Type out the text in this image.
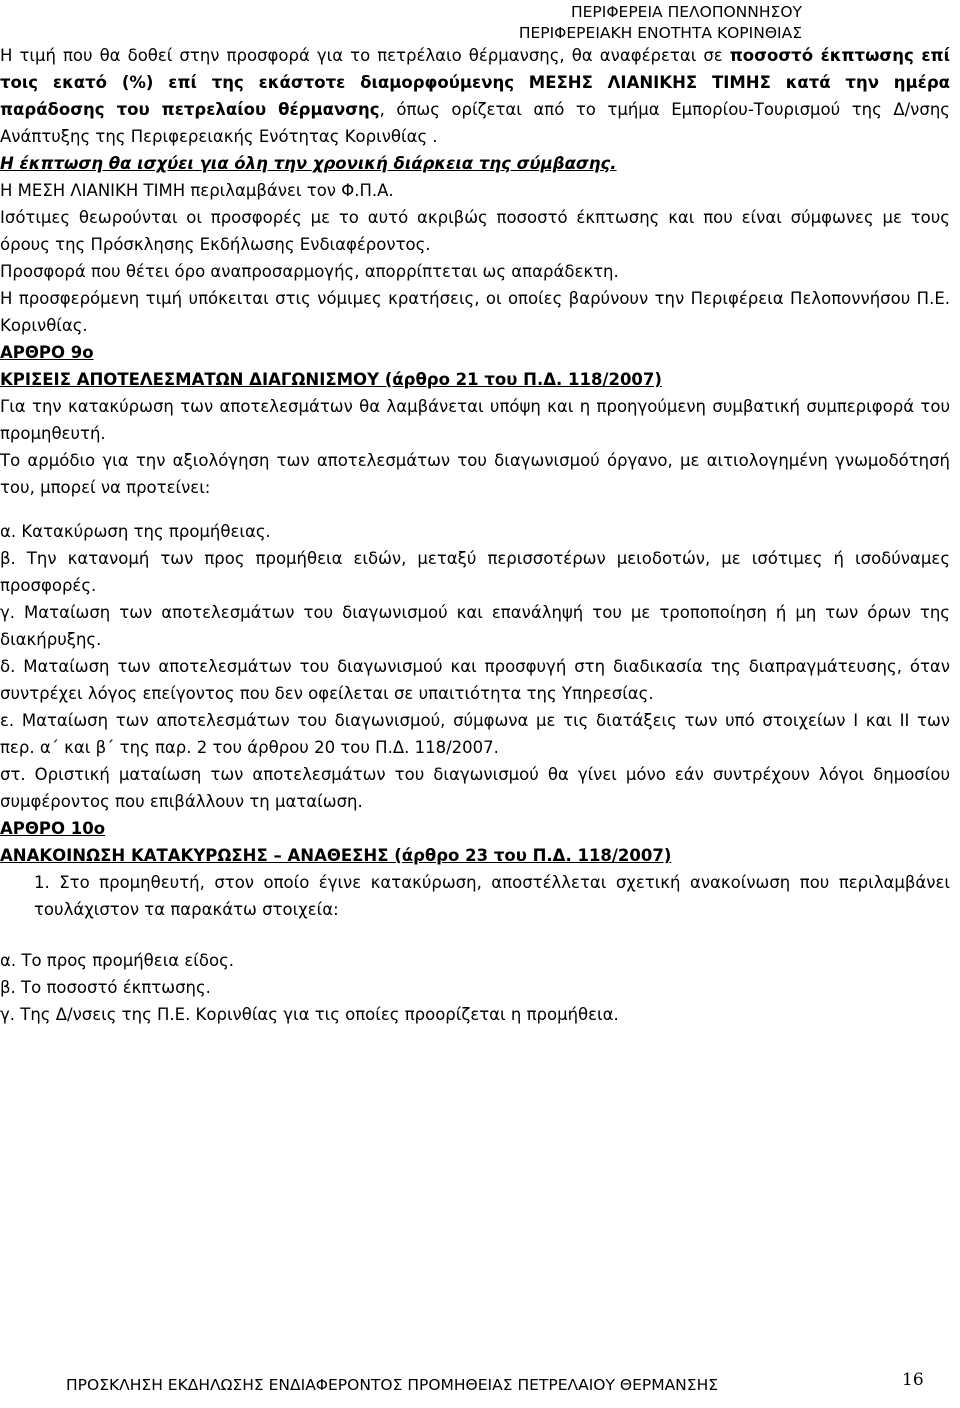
ΠΕΡΙΦΕΡΕΙΑ ΠΕΛΟΠΟΝΝΗΣΟΥ
ΠΕΡΙΦΕΡΕΙΑΚΗ ΕΝΟΤΗΤΑ ΚΟΡΙΝΘΙΑΣ

Η τιμή που θα δοθεί στην προσφορά για το πετρέλαιο θέρμανσης, θα αναφέρεται σε ποσοστό έκπτωσης επί τοις εκατό (%) επί της εκάστοτε διαμορφούμενης ΜΕΣΗΣ ΛΙΑΝΙΚΗΣ ΤΙΜΗΣ κατά την ημέρα παράδοσης του πετρελαίου θέρμανσης, όπως ορίζεται από το τμήμα Εμπορίου-Τουρισμού της Δ/νσης Ανάπτυξης της Περιφερειακής Ενότητας Κορινθίας .

Η έκπτωση θα ισχύει για όλη την χρονική διάρκεια της σύμβασης.

Η ΜΕΣΗ ΛΙΑΝΙΚΗ ΤΙΜΗ περιλαμβάνει τον Φ.Π.Α.

Ισότιμες θεωρούνται οι προσφορές με το αυτό ακριβώς ποσοστό έκπτωσης και που είναι σύμφωνες με τους όρους της Πρόσκλησης Εκδήλωσης Ενδιαφέροντος.

Προσφορά που θέτει όρο αναπροσαρμογής, απορρίπτεται ως απαράδεκτη.

Η προσφερόμενη τιμή υπόκειται στις νόμιμες κρατήσεις, οι οποίες βαρύνουν την Περιφέρεια Πελοποννήσου Π.Ε. Κορινθίας.

ΑΡΘΡΟ 9ο

ΚΡΙΣΕΙΣ ΑΠΟΤΕΛΕΣΜΑΤΩΝ ΔΙΑΓΩΝΙΣΜΟΥ (άρθρο 21 του Π.Δ. 118/2007)

Για την κατακύρωση των αποτελεσμάτων θα λαμβάνεται υπόψη και η προηγούμενη συμβατική συμπεριφορά του προμηθευτή.

Το αρμόδιο για την αξιολόγηση των αποτελεσμάτων του διαγωνισμού όργανο, με αιτιολογημένη γνωμοδότησή του, μπορεί να προτείνει:

α. Κατακύρωση της προμήθειας.

β. Την κατανομή των προς προμήθεια ειδών, μεταξύ περισσοτέρων μειοδοτών, με ισότιμες ή ισοδύναμες προσφορές.

γ. Ματαίωση των αποτελεσμάτων του διαγωνισμού και επανάληψή του με τροποποίηση ή μη των όρων της διακήρυξης.

δ. Ματαίωση των αποτελεσμάτων του διαγωνισμού και προσφυγή στη διαδικασία της διαπραγμάτευσης, όταν συντρέχει λόγος επείγοντος που δεν οφείλεται σε υπαιτιότητα της Υπηρεσίας.

ε. Ματαίωση των αποτελεσμάτων του διαγωνισμού, σύμφωνα με τις διατάξεις των υπό στοιχείων Ι και ΙΙ των περ. α΄ και β΄ της παρ. 2 του άρθρου 20 του Π.Δ. 118/2007.

στ. Οριστική ματαίωση των αποτελεσμάτων του διαγωνισμού θα γίνει μόνο εάν συντρέχουν λόγοι δημοσίου συμφέροντος που επιβάλλουν τη ματαίωση.

ΑΡΘΡΟ 10ο

ΑΝΑΚΟΙΝΩΣΗ ΚΑΤΑΚΥΡΩΣΗΣ – ΑΝΑΘΕΣΗΣ (άρθρο 23 του Π.Δ. 118/2007)

1. Στο προμηθευτή, στον οποίο έγινε κατακύρωση, αποστέλλεται σχετική ανακοίνωση που περιλαμβάνει τουλάχιστον τα παρακάτω στοιχεία:

α. Το προς προμήθεια είδος.

β. Το ποσοστό έκπτωσης.

γ. Της Δ/νσεις της Π.Ε. Κορινθίας για τις οποίες προορίζεται η προμήθεια.

ΠΡΟΣΚΛΗΣΗ ΕΚΔΗΛΩΣΗΣ ΕΝΔΙΑΦΕΡΟΝΤΟΣ ΠΡΟΜΗΘΕΙΑΣ ΠΕΤΡΕΛΑΙΟΥ ΘΕΡΜΑΝΣΗΣ	16
